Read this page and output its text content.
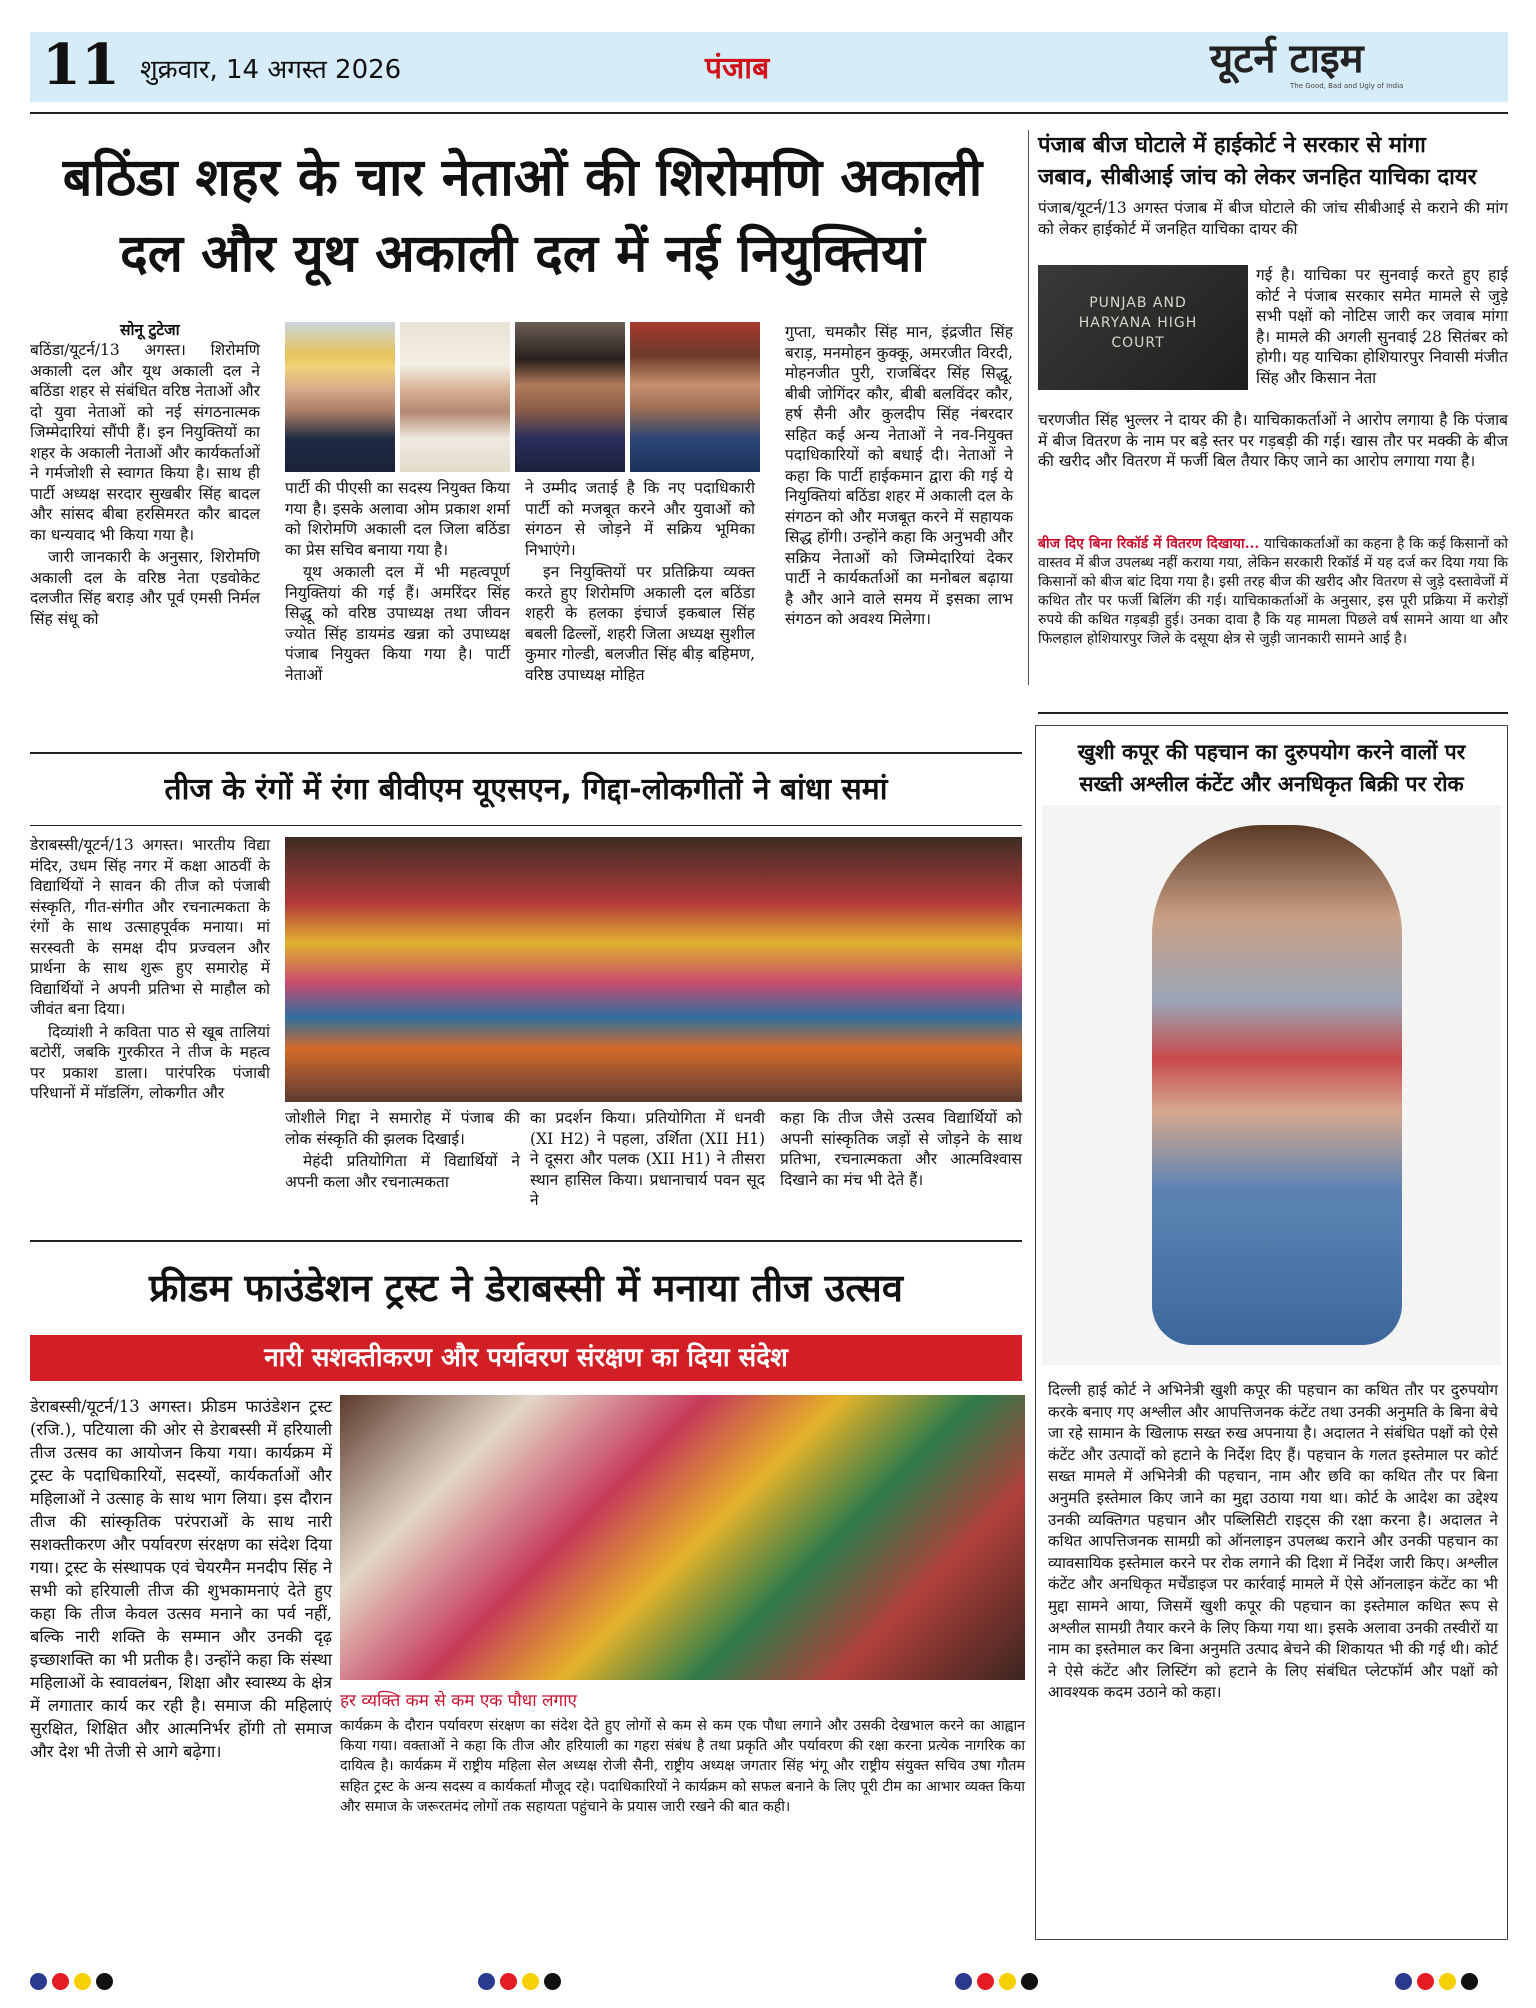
11 शुक्रवार, 14 अगस्त 2026	पंजाब	यूटर्न टाइम
The Good, Bad and Ugly of India
बठिंडा शहर के चार नेताओं की शिरोमणि अकाली
दल और यूथ अकाली दल में नई नियुक्तियां
सोनू टुटेजा

बठिंडा/यूटर्न/13 अगस्त। शिरोमणि अकाली दल और यूथ अकाली दल ने बठिंडा शहर से संबंधित वरिष्ठ नेताओं और दो युवा नेताओं को नई संगठनात्मक जिम्मेदारियां सौंपी हैं। इन नियुक्तियों का शहर के अकाली नेताओं और कार्यकर्ताओं ने गर्मजोशी से स्वागत किया है। साथ ही पार्टी अध्यक्ष सरदार सुखबीर सिंह बादल और सांसद बीबा हरसिमरत कौर बादल का धन्यवाद भी किया गया है।

जारी जानकारी के अनुसार, शिरोमणि अकाली दल के वरिष्ठ नेता एडवोकेट दलजीत सिंह बराड़ और पूर्व एमसी निर्मल सिंह संधू को

पार्टी की पीएसी का सदस्य नियुक्त किया गया है। इसके अलावा ओम प्रकाश शर्मा को शिरोमणि अकाली दल जिला बठिंडा का प्रेस सचिव बनाया गया है।

यूथ अकाली दल में भी महत्वपूर्ण नियुक्तियां की गई हैं। अमरिंदर सिंह सिद्धू को वरिष्ठ उपाध्यक्ष तथा जीवन ज्योत सिंह डायमंड खन्ना को उपाध्यक्ष पंजाब नियुक्त किया गया है। पार्टी नेताओं

ने उम्मीद जताई है कि नए पदाधिकारी पार्टी को मजबूत करने और युवाओं को संगठन से जोड़ने में सक्रिय भूमिका निभाएंगे।

इन नियुक्तियों पर प्रतिक्रिया व्यक्त करते हुए शिरोमणि अकाली दल बठिंडा शहरी के हलका इंचार्ज इकबाल सिंह बबली ढिल्लों, शहरी जिला अध्यक्ष सुशील कुमार गोल्डी, बलजीत सिंह बीड़ बहिमण, वरिष्ठ उपाध्यक्ष मोहित

गुप्ता, चमकौर सिंह मान, इंद्रजीत सिंह बराड़, मनमोहन कुक्कू, अमरजीत विरदी, मोहनजीत पुरी, राजबिंदर सिंह सिद्धू, बीबी जोगिंदर कौर, बीबी बलविंदर कौर, हर्ष सैनी और कुलदीप सिंह नंबरदार सहित कई अन्य नेताओं ने नव-नियुक्त पदाधिकारियों को बधाई दी। नेताओं ने कहा कि पार्टी हाईकमान द्वारा की गई ये नियुक्तियां बठिंडा शहर में अकाली दल के संगठन को और मजबूत करने में सहायक सिद्ध होंगी। उन्होंने कहा कि अनुभवी और सक्रिय नेताओं को जिम्मेदारियां देकर पार्टी ने कार्यकर्ताओं का मनोबल बढ़ाया है और आने वाले समय में इसका लाभ संगठन को अवश्य मिलेगा।

पंजाब बीज घोटाले में हाईकोर्ट ने सरकार से मांगा
जबाव, सीबीआई जांच को लेकर जनहित याचिका दायर
पंजाब/यूटर्न/13 अगस्त पंजाब में बीज घोटाले की जांच सीबीआई से कराने की मांग को लेकर हाईकोर्ट में जनहित याचिका दायर की
PUNJAB AND HARYANA HIGH COURT
गई है। याचिका पर सुनवाई करते हुए हाई कोर्ट ने पंजाब सरकार समेत मामले से जुड़े सभी पक्षों को नोटिस जारी कर जवाब मांगा है। मामले की अगली सुनवाई 28 सितंबर को होगी। यह याचिका होशियारपुर निवासी मंजीत सिंह और किसान नेता
चरणजीत सिंह भुल्लर ने दायर की है। याचिकाकर्ताओं ने आरोप लगाया है कि पंजाब में बीज वितरण के नाम पर बड़े स्तर पर गड़बड़ी की गई। खास तौर पर मक्की के बीज की खरीद और वितरण में फर्जी बिल तैयार किए जाने का आरोप लगाया गया है।
बीज दिए बिना रिकॉर्ड में वितरण दिखाया... याचिकाकर्ताओं का कहना है कि कई किसानों को वास्तव में बीज उपलब्ध नहीं कराया गया, लेकिन सरकारी रिकॉर्ड में यह दर्ज कर दिया गया कि किसानों को बीज बांट दिया गया है। इसी तरह बीज की खरीद और वितरण से जुड़े दस्तावेजों में कथित तौर पर फर्जी बिलिंग की गई। याचिकाकर्ताओं के अनुसार, इस पूरी प्रक्रिया में करोड़ों रुपये की कथित गड़बड़ी हुई। उनका दावा है कि यह मामला पिछले वर्ष सामने आया था और फिलहाल होशियारपुर जिले के दसूया क्षेत्र से जुड़ी जानकारी सामने आई है।
खुशी कपूर की पहचान का दुरुपयोग करने वालों पर
सख्ती अश्लील कंटेंट और अनधिकृत बिक्री पर रोक
दिल्ली हाई कोर्ट ने अभिनेत्री खुशी कपूर की पहचान का कथित तौर पर दुरुपयोग करके बनाए गए अश्लील और आपत्तिजनक कंटेंट तथा उनकी अनुमति के बिना बेचे जा रहे सामान के खिलाफ सख्त रुख अपनाया है। अदालत ने संबंधित पक्षों को ऐसे कंटेंट और उत्पादों को हटाने के निर्देश दिए हैं। पहचान के गलत इस्तेमाल पर कोर्ट सख्त मामले में अभिनेत्री की पहचान, नाम और छवि का कथित तौर पर बिना अनुमति इस्तेमाल किए जाने का मुद्दा उठाया गया था। कोर्ट के आदेश का उद्देश्य उनकी व्यक्तिगत पहचान और पब्लिसिटी राइट्स की रक्षा करना है। अदालत ने कथित आपत्तिजनक सामग्री को ऑनलाइन उपलब्ध कराने और उनकी पहचान का व्यावसायिक इस्तेमाल करने पर रोक लगाने की दिशा में निर्देश जारी किए। अश्लील कंटेंट और अनधिकृत मर्चेंडाइज पर कार्रवाई मामले में ऐसे ऑनलाइन कंटेंट का भी मुद्दा सामने आया, जिसमें खुशी कपूर की पहचान का इस्तेमाल कथित रूप से अश्लील सामग्री तैयार करने के लिए किया गया था। इसके अलावा उनकी तस्वीरों या नाम का इस्तेमाल कर बिना अनुमति उत्पाद बेचने की शिकायत भी की गई थी। कोर्ट ने ऐसे कंटेंट और लिस्टिंग को हटाने के लिए संबंधित प्लेटफॉर्म और पक्षों को आवश्यक कदम उठाने को कहा।
तीज के रंगों में रंगा बीवीएम यूएसएन, गिद्दा-लोकगीतों ने बांधा समां

डेराबस्सी/यूटर्न/13 अगस्त। भारतीय विद्या मंदिर, उधम सिंह नगर में कक्षा आठवीं के विद्यार्थियों ने सावन की तीज को पंजाबी संस्कृति, गीत-संगीत और रचनात्मकता के रंगों के साथ उत्साहपूर्वक मनाया। मां सरस्वती के समक्ष दीप प्रज्वलन और प्रार्थना के साथ शुरू हुए समारोह में विद्यार्थियों ने अपनी प्रतिभा से माहौल को जीवंत बना दिया।

दिव्यांशी ने कविता पाठ से खूब तालियां बटोरीं, जबकि गुरकीरत ने तीज के महत्व पर प्रकाश डाला। पारंपरिक पंजाबी परिधानों में मॉडलिंग, लोकगीत और

जोशीले गिद्दा ने समारोह में पंजाब की लोक संस्कृति की झलक दिखाई।

मेहंदी प्रतियोगिता में विद्यार्थियों ने अपनी कला और रचनात्मकता

का प्रदर्शन किया। प्रतियोगिता में धनवी (XI H2) ने पहला, उर्शिता (XII H1) ने दूसरा और पलक (XII H1) ने तीसरा स्थान हासिल किया। प्रधानाचार्य पवन सूद ने
कहा कि तीज जैसे उत्सव विद्यार्थियों को अपनी सांस्कृतिक जड़ों से जोड़ने के साथ प्रतिभा, रचनात्मकता और आत्मविश्वास दिखाने का मंच भी देते हैं।
फ्रीडम फाउंडेशन ट्रस्ट ने डेराबस्सी में मनाया तीज उत्सव
नारी सशक्तीकरण और पर्यावरण संरक्षण का दिया संदेश
डेराबस्सी/यूटर्न/13 अगस्त। फ्रीडम फाउंडेशन ट्रस्ट (रजि.), पटियाला की ओर से डेराबस्सी में हरियाली तीज उत्सव का आयोजन किया गया। कार्यक्रम में ट्रस्ट के पदाधिकारियों, सदस्यों, कार्यकर्ताओं और महिलाओं ने उत्साह के साथ भाग लिया। इस दौरान तीज की सांस्कृतिक परंपराओं के साथ नारी सशक्तीकरण और पर्यावरण संरक्षण का संदेश दिया गया। ट्रस्ट के संस्थापक एवं चेयरमैन मनदीप सिंह ने सभी को हरियाली तीज की शुभकामनाएं देते हुए कहा कि तीज केवल उत्सव मनाने का पर्व नहीं, बल्कि नारी शक्ति के सम्मान और उनकी दृढ़ इच्छाशक्ति का भी प्रतीक है। उन्होंने कहा कि संस्था महिलाओं के स्वावलंबन, शिक्षा और स्वास्थ्य के क्षेत्र में लगातार कार्य कर रही है। समाज की महिलाएं सुरक्षित, शिक्षित और आत्मनिर्भर होंगी तो समाज और देश भी तेजी से आगे बढ़ेगा।
हर व्यक्ति कम से कम एक पौधा लगाए
कार्यक्रम के दौरान पर्यावरण संरक्षण का संदेश देते हुए लोगों से कम से कम एक पौधा लगाने और उसकी देखभाल करने का आह्वान किया गया। वक्ताओं ने कहा कि तीज और हरियाली का गहरा संबंध है तथा प्रकृति और पर्यावरण की रक्षा करना प्रत्येक नागरिक का दायित्व है। कार्यक्रम में राष्ट्रीय महिला सेल अध्यक्ष रोजी सैनी, राष्ट्रीय अध्यक्ष जगतार सिंह भंगू और राष्ट्रीय संयुक्त सचिव उषा गौतम सहित ट्रस्ट के अन्य सदस्य व कार्यकर्ता मौजूद रहे। पदाधिकारियों ने कार्यक्रम को सफल बनाने के लिए पूरी टीम का आभार व्यक्त किया और समाज के जरूरतमंद लोगों तक सहायता पहुंचाने के प्रयास जारी रखने की बात कही।
